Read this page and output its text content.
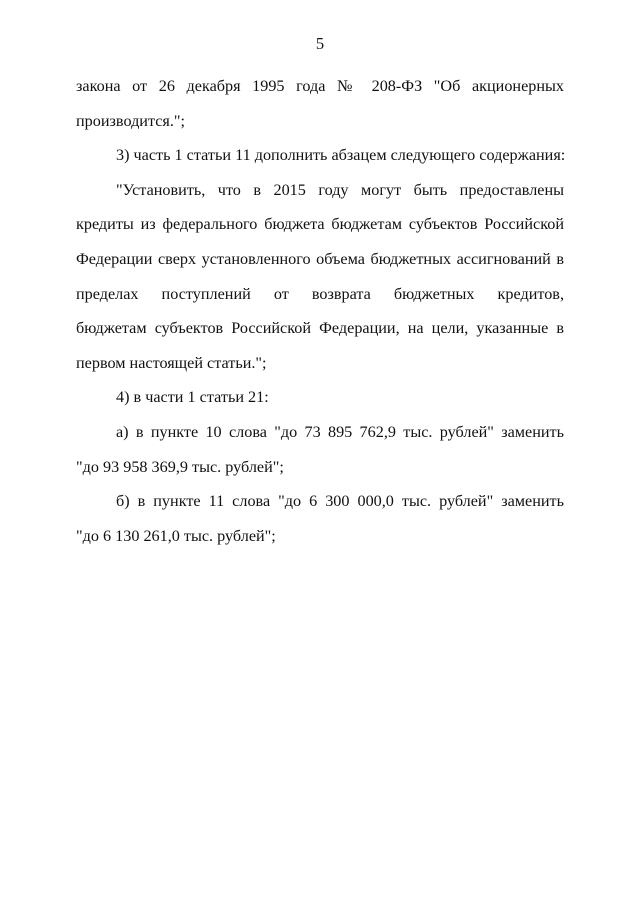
5
закона от 26 декабря 1995 года № 208-ФЗ "Об акционерных
производится.";
3) часть 1 статьи 11 дополнить абзацем следующего содержания:
"Установить, что в 2015 году могут быть предоставлены
кредиты из федерального бюджета бюджетам субъектов Российской
Федерации сверх установленного объема бюджетных ассигнований в
пределах поступлений от возврата бюджетных кредитов,
бюджетам субъектов Российской Федерации, на цели, указанные в
первом настоящей статьи.";
4) в части 1 статьи 21:
а) в пункте 10 слова "до 73 895 762,9 тыс. рублей" заменить
"до 93 958 369,9 тыс. рублей";
б) в пункте 11 слова "до 6 300 000,0 тыс. рублей" заменить
"до 6 130 261,0 тыс. рублей";
